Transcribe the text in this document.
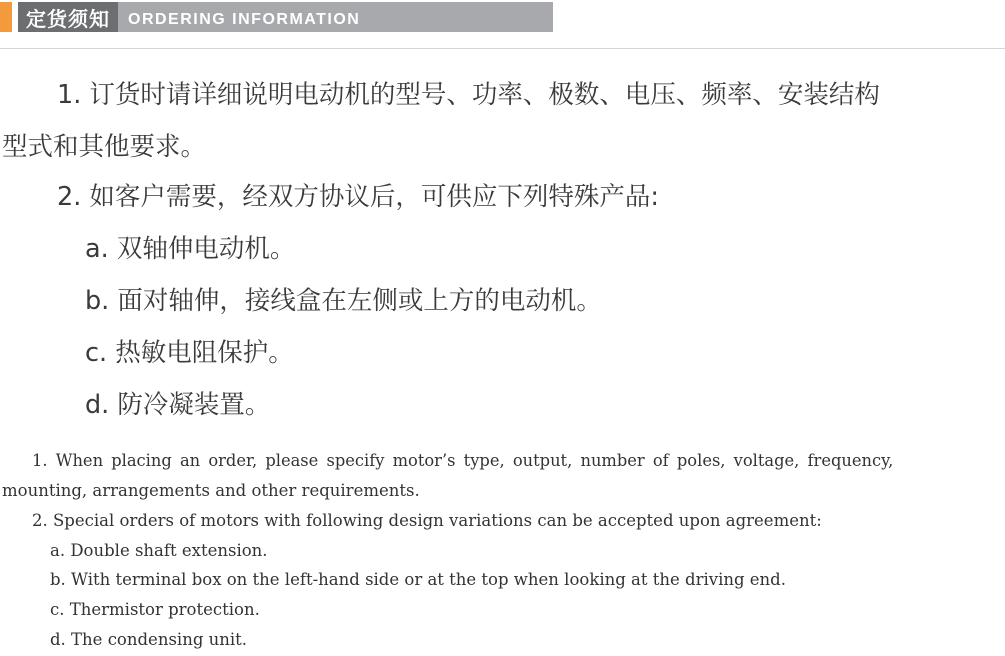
定货须知	ORDERING INFORMATION
1. 订货时请详细说明电动机的型号、功率、极数、电压、频率、安装结构
型式和其他要求。
2. 如客户需要，经双方协议后，可供应下列特殊产品:
a. 双轴伸电动机。
b. 面对轴伸，接线盒在左侧或上方的电动机。
c. 热敏电阻保护。
d. 防冷凝装置。
1. When placing an order, please specify motor’s type, output, number of poles, voltage, frequency,
mounting, arrangements and other requirements.
2. Special orders of motors with following design variations can be accepted upon agreement:
a. Double shaft extension.
b. With terminal box on the left-hand side or at the top when looking at the driving end.
c. Thermistor protection.
d. The condensing unit.
